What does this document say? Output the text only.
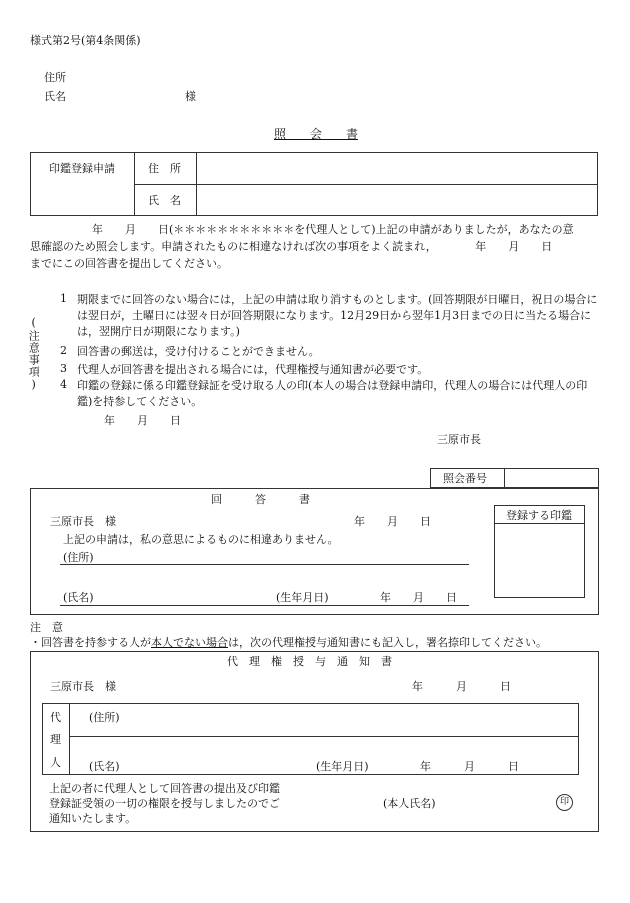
様式第2号(第4条関係)
住所
氏名	様
照　　会　　書
印鑑登録申請	住　所
氏　名
年　　月　　日(＊＊＊＊＊＊＊＊＊＊＊を代理人として)上記の申請がありましたが，あなたの意
思確認のため照会します。申請されたものに相違なければ次の事項をよく読まれ，　　　　年　　月　　日
までにこの回答書を提出してください。
(注意事項)
1 期限までに回答のない場合には，上記の申請は取り消すものとします。(回答期限が日曜日，祝日の場合には翌日が，土曜日には翌々日が回答期限になります。12月29日から翌年1月3日までの日に当たる場合には，翌開庁日が期限になります。)
2 回答書の郵送は，受け付けることができません。
3 代理人が回答書を提出される場合には，代理権授与通知書が必要です。
4 印鑑の登録に係る印鑑登録証を受け取る人の印(本人の場合は登録申請印，代理人の場合には代理人の印鑑)を持参してください。
年　　月　　日
三原市長
照会番号
回　　　答　　　書
三原市長　様	年　　月　　日
上記の申請は，私の意思によるものに相違ありません。
(住所)
(氏名)	(生年月日)	年　　月　　日
登録する印鑑
注　意
・回答書を持参する人が本人でない場合は，次の代理権授与通知書にも記入し，署名捺印してください。
代　理　権　授　与　通　知　書
三原市長　様	年　　　月　　　日
代
理
人
(住所)
(氏名)	(生年月日)	年　　　月　　　日
上記の者に代理人として回答書の提出及び印鑑
登録証受領の一切の権限を授与しましたのでご
通知いたします。
(本人氏名)	印
